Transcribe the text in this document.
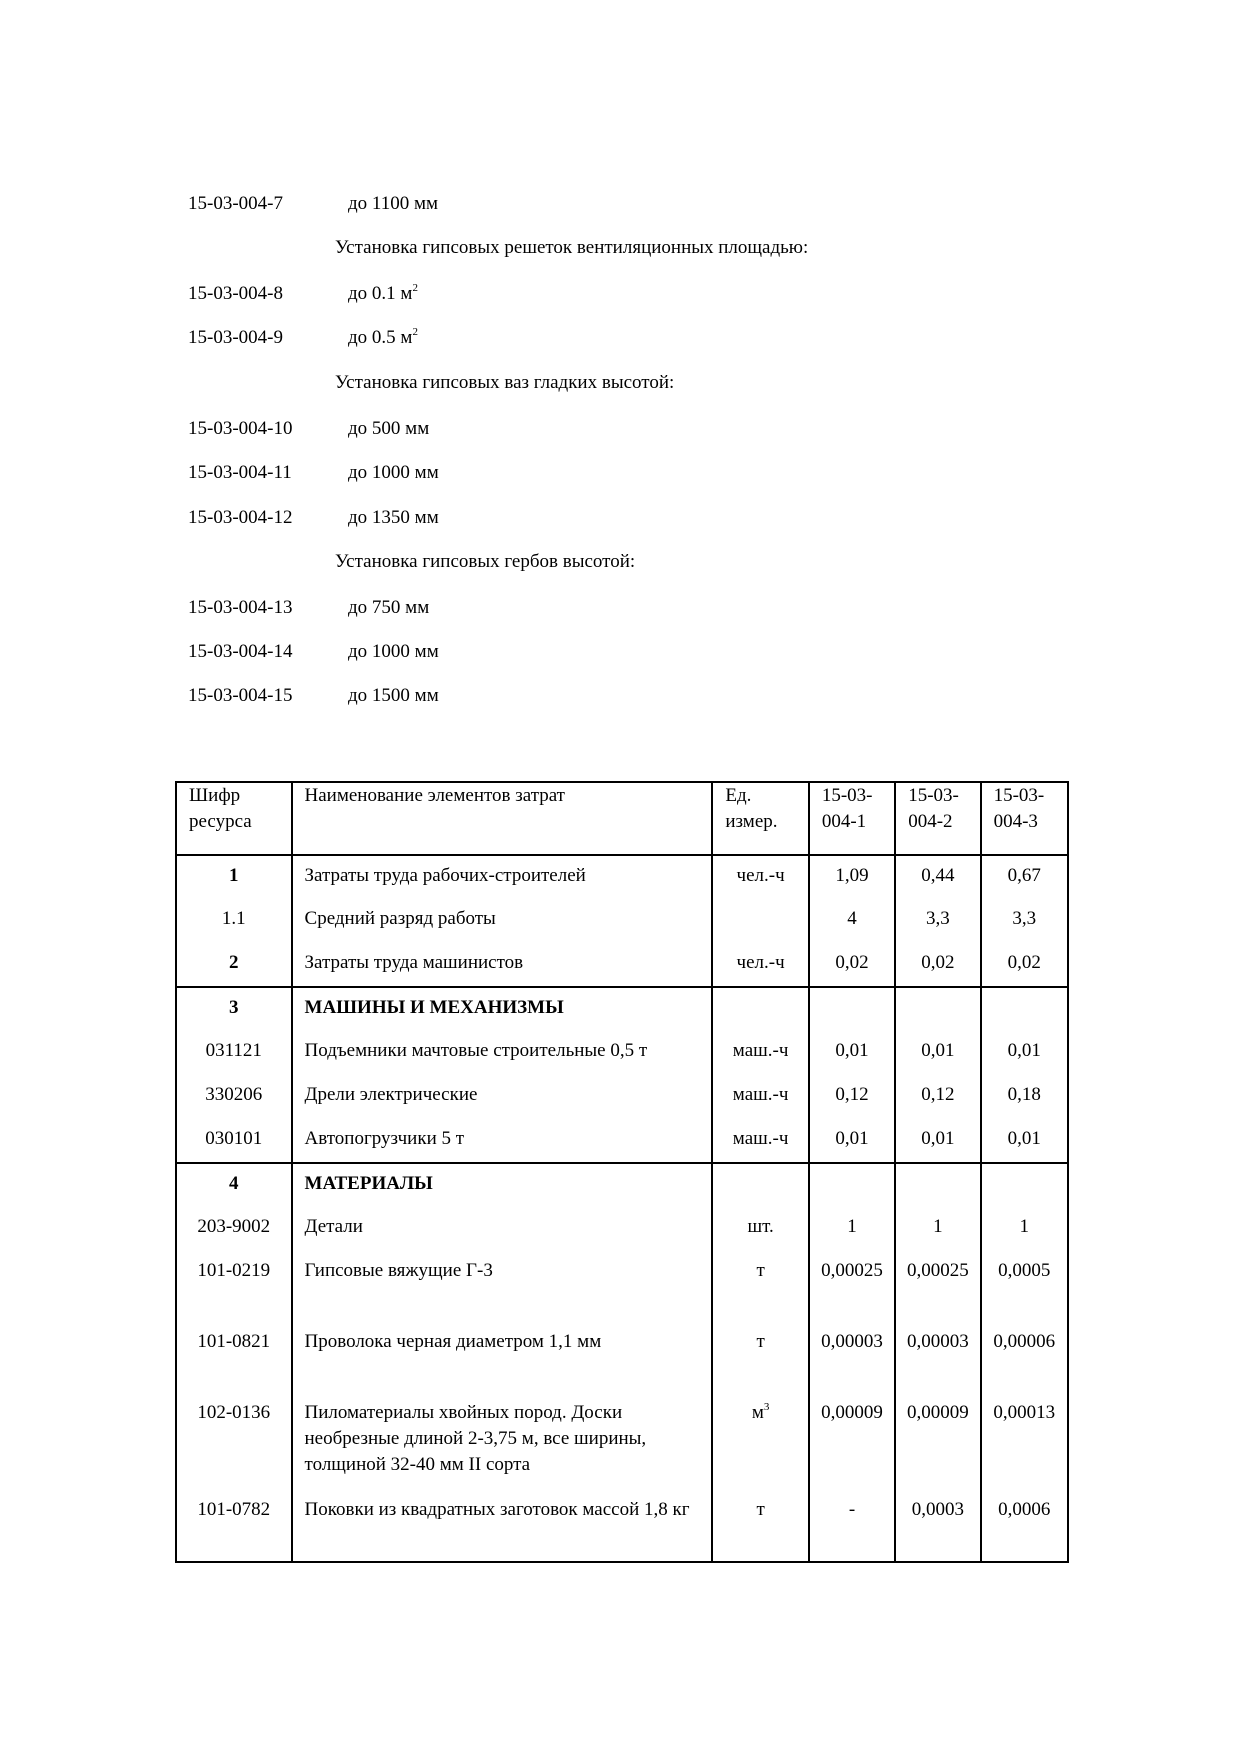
15-03-004-7	до 1100 мм
Установка гипсовых решеток вентиляционных площадью:
15-03-004-8	до 0.1 $м^2$
15-03-004-9	до 0.5 $м^2$
Установка гипсовых ваз гладких высотой:
15-03-004-10	до 500 мм
15-03-004-11	до 1000 мм
15-03-004-12	до 1350 мм
Установка гипсовых гербов высотой:
15-03-004-13	до 750 мм
15-03-004-14	до 1000 мм
15-03-004-15	до 1500 мм
Шифр ресурса	Наименование элементов затрат	Ед. измер.	15-03-004-1	15-03-004-2	15-03-004-3
1	Затраты труда рабочих-строителей	чел.-ч	1,09	0,44	0,67
1.1	Средний разряд работы		4	3,3	3,3
2	Затраты труда машинистов	чел.-ч	0,02	0,02	0,02
3	МАШИНЫ И МЕХАНИЗМЫ				
031121	Подъемники мачтовые строительные 0,5 т	маш.-ч	0,01	0,01	0,01
330206	Дрели электрические	маш.-ч	0,12	0,12	0,18
030101	Автопогрузчики 5 т	маш.-ч	0,01	0,01	0,01
4	МАТЕРИАЛЫ				
203-9002	Детали	шт.	1	1	1
101-0219	Гипсовые вяжущие Г-3	т	0,00025	0,00025	0,0005
101-0821	Проволока черная диаметром 1,1 мм	т	0,00003	0,00003	0,00006
102-0136	Пиломатериалы хвойных пород. Доски необрезные длиной 2-3,75 м, все ширины, толщиной 32-40 мм II сорта	$м^3$	0,00009	0,00009	0,00013
101-0782	Поковки из квадратных заготовок массой 1,8 кг	т	-	0,0003	0,0006
